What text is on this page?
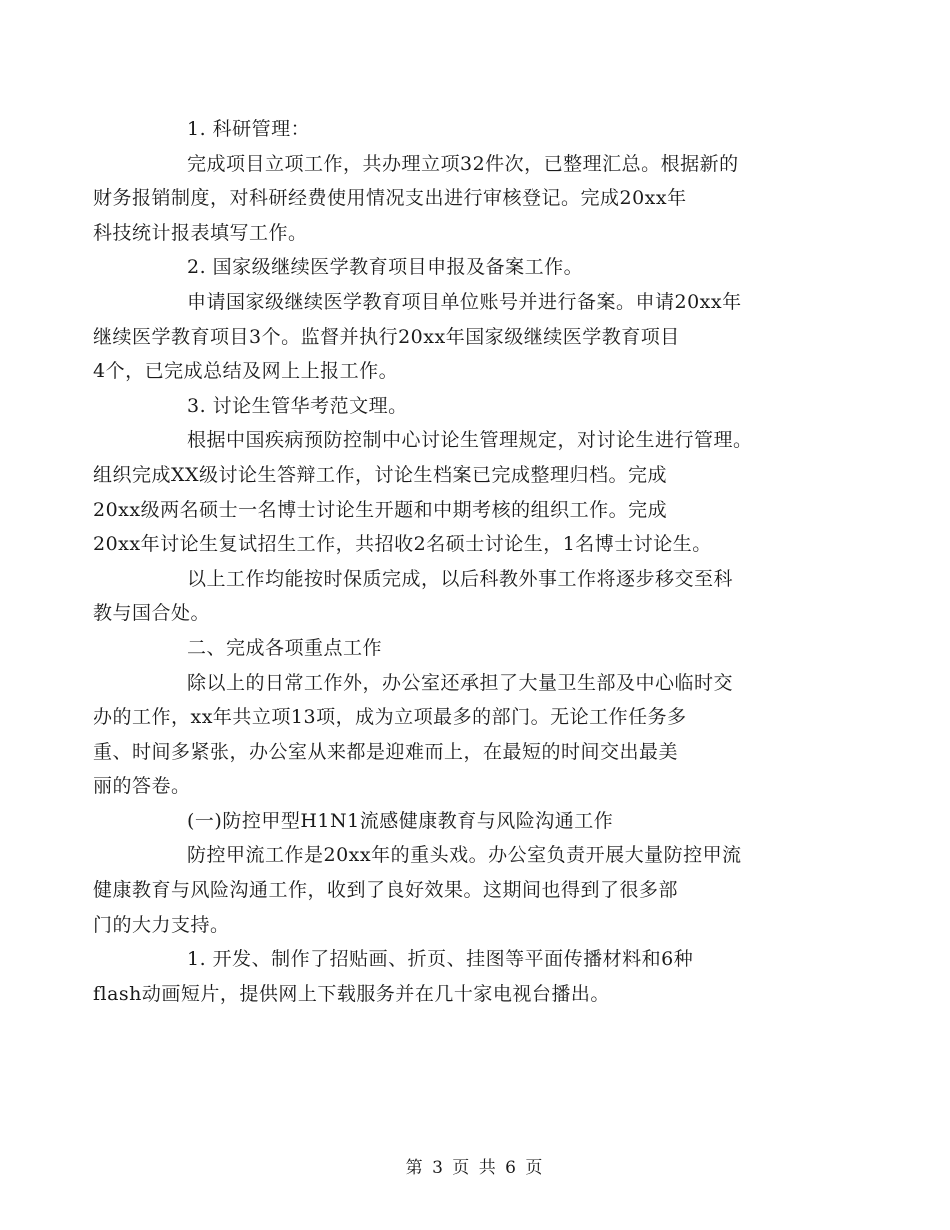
1. 科研管理：

完成项目立项工作，共办理立项32件次，已整理汇总。根据新的
财务报销制度，对科研经费使用情况支出进行审核登记。完成20xx年
科技统计报表填写工作。

2. 国家级继续医学教育项目申报及备案工作。

申请国家级继续医学教育项目单位账号并进行备案。申请20xx年
继续医学教育项目3个。监督并执行20xx年国家级继续医学教育项目
4个，已完成总结及网上上报工作。

3. 讨论生管华考范文理。

根据中国疾病预防控制中心讨论生管理规定，对讨论生进行管理。
组织完成XX级讨论生答辩工作，讨论生档案已完成整理归档。完成
20xx级两名硕士一名博士讨论生开题和中期考核的组织工作。完成
20xx年讨论生复试招生工作，共招收2名硕士讨论生，1名博士讨论生。

以上工作均能按时保质完成，以后科教外事工作将逐步移交至科
教与国合处。

二、完成各项重点工作

除以上的日常工作外，办公室还承担了大量卫生部及中心临时交
办的工作，xx年共立项13项，成为立项最多的部门。无论工作任务多
重、时间多紧张，办公室从来都是迎难而上，在最短的时间交出最美
丽的答卷。

(一)防控甲型H1N1流感健康教育与风险沟通工作

防控甲流工作是20xx年的重头戏。办公室负责开展大量防控甲流
健康教育与风险沟通工作，收到了良好效果。这期间也得到了很多部
门的大力支持。

1. 开发、制作了招贴画、折页、挂图等平面传播材料和6种
flash动画短片，提供网上下载服务并在几十家电视台播出。

第 3 页 共 6 页
